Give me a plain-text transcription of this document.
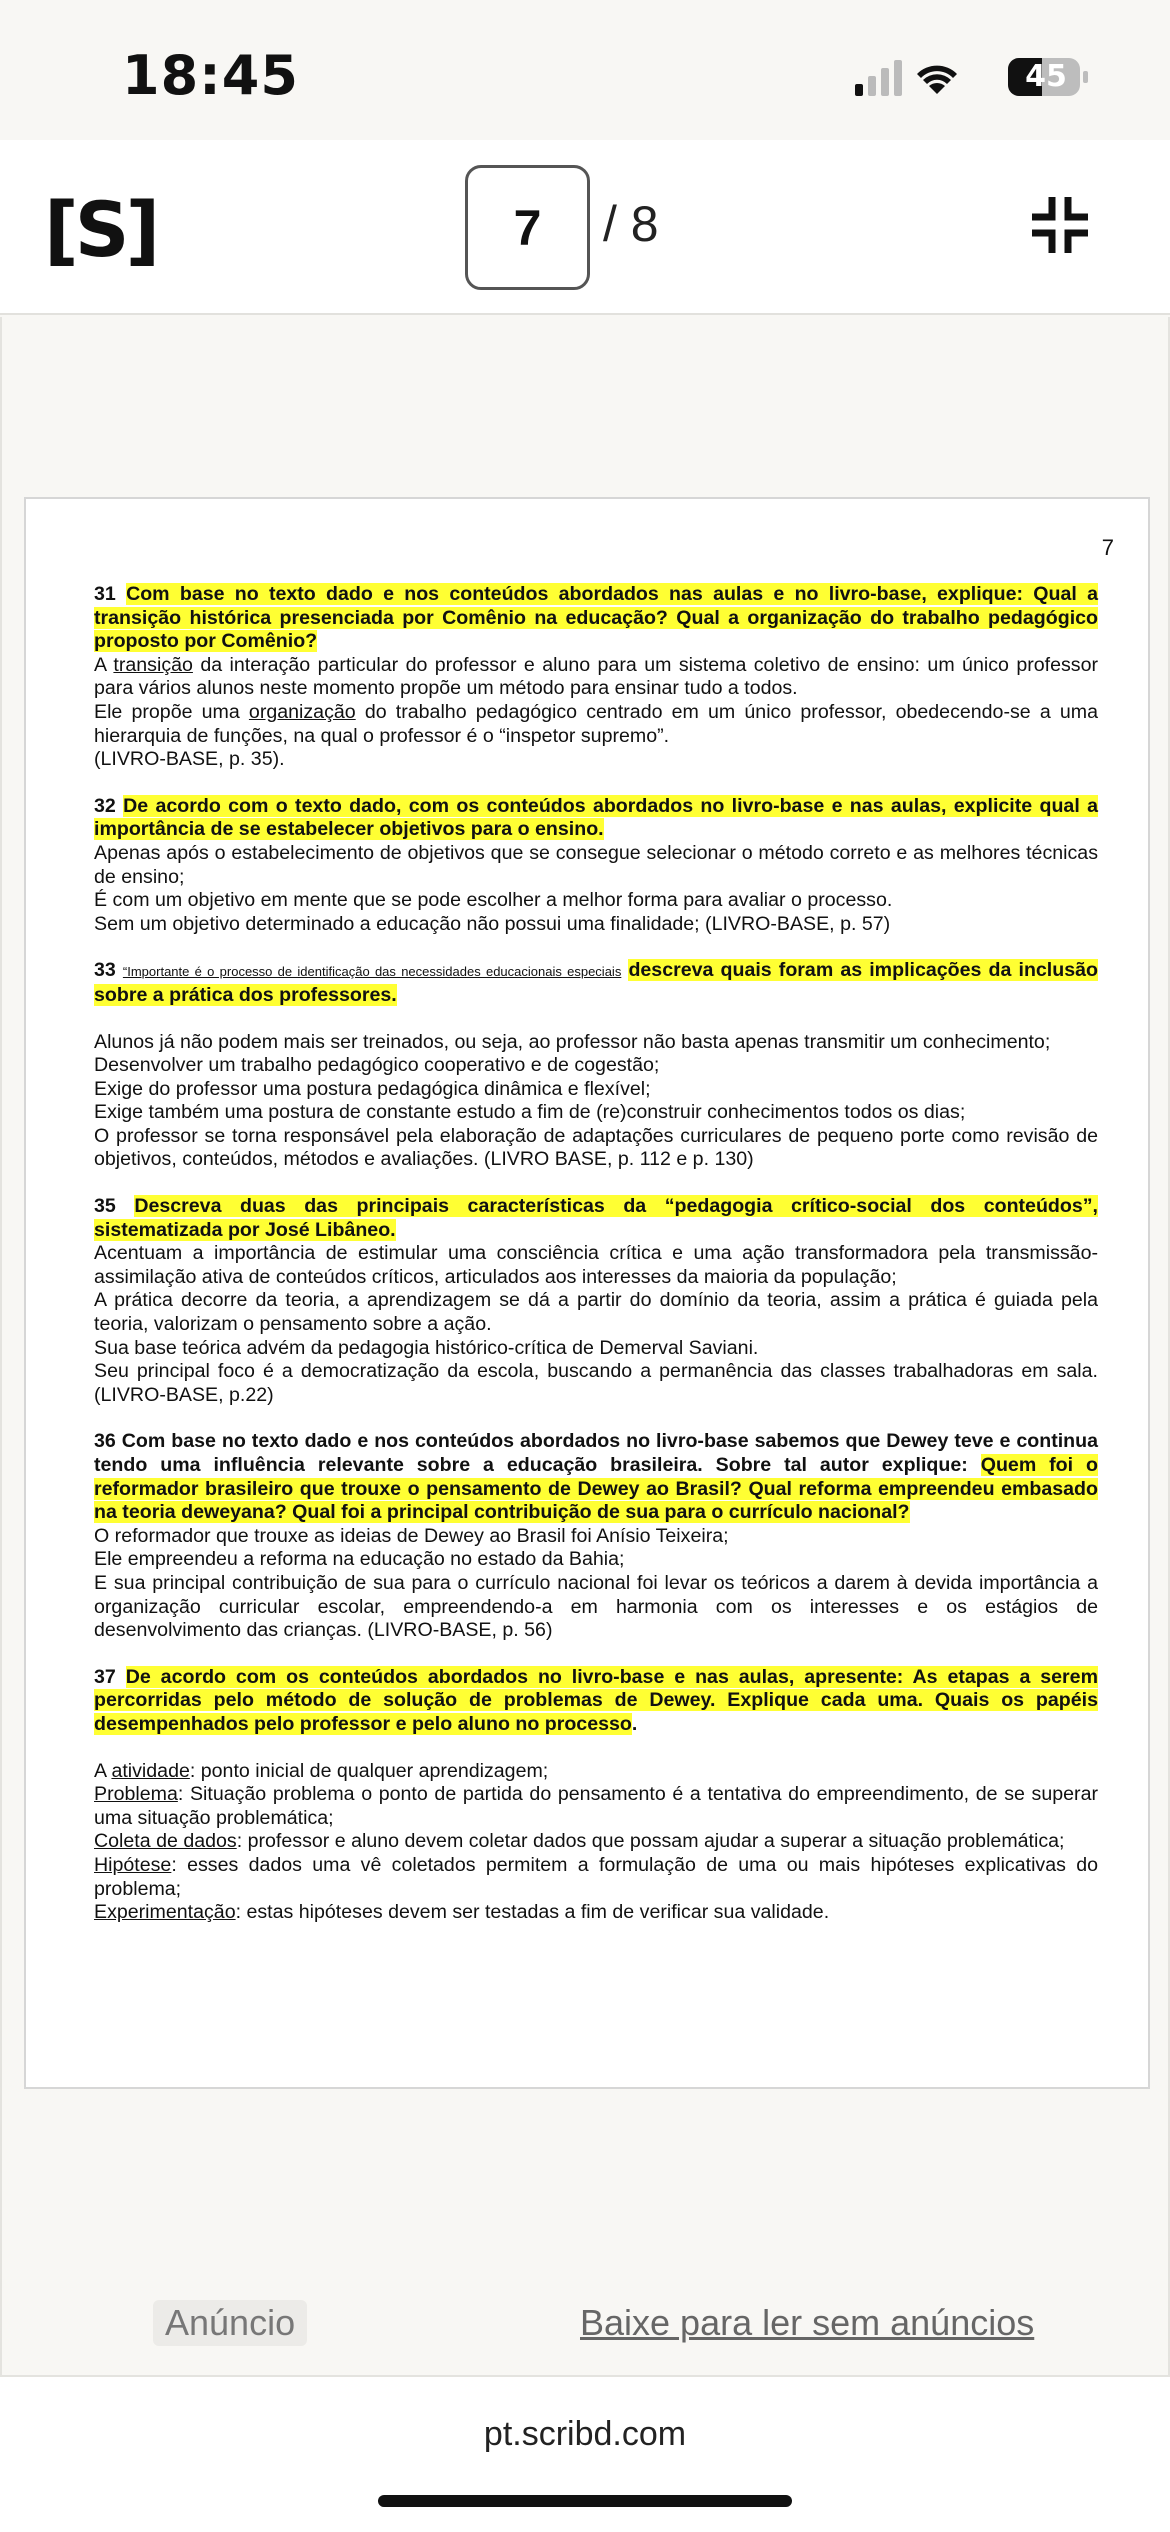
18:45	45
[S]	7	/ 8
7

31 Com base no texto dado e nos conteúdos abordados nas aulas e no livro-base, explique: Qual a transição histórica presenciada por Comênio na educação? Qual a organização do trabalho pedagógico proposto por Comênio?

A transição da interação particular do professor e aluno para um sistema coletivo de ensino: um único professor para vários alunos neste momento propõe um método para ensinar tudo a todos.

Ele propõe uma organização do trabalho pedagógico centrado em um único professor, obedecendo-se a uma hierarquia de funções, na qual o professor é o “inspetor supremo”.

(LIVRO-BASE, p. 35).

32 De acordo com o texto dado, com os conteúdos abordados no livro-base e nas aulas, explicite qual a importância de se estabelecer objetivos para o ensino.

Apenas após o estabelecimento de objetivos que se consegue selecionar o método correto e as melhores técnicas de ensino;

É com um objetivo em mente que se pode escolher a melhor forma para avaliar o processo.

Sem um objetivo determinado a educação não possui uma finalidade; (LIVRO-BASE, p. 57)

33 “Importante é o processo de identificação das necessidades educacionais especiais descreva quais foram as implicações da inclusão sobre a prática dos professores.

Alunos já não podem mais ser treinados, ou seja, ao professor não basta apenas transmitir um conhecimento;

Desenvolver um trabalho pedagógico cooperativo e de cogestão;

Exige do professor uma postura pedagógica dinâmica e flexível;

Exige também uma postura de constante estudo a fim de (re)construir conhecimentos todos os dias;

O professor se torna responsável pela elaboração de adaptações curriculares de pequeno porte como revisão de objetivos, conteúdos, métodos e avaliações. (LIVRO BASE, p. 112 e p. 130)

35 Descreva duas das principais características da “pedagogia crítico-social dos conteúdos”, sistematizada por José Libâneo.

Acentuam a importância de estimular uma consciência crítica e uma ação transformadora pela transmissão-assimilação ativa de conteúdos críticos, articulados aos interesses da maioria da população;

A prática decorre da teoria, a aprendizagem se dá a partir do domínio da teoria, assim a prática é guiada pela teoria, valorizam o pensamento sobre a ação.

Sua base teórica advém da pedagogia histórico-crítica de Demerval Saviani.

Seu principal foco é a democratização da escola, buscando a permanência das classes trabalhadoras em sala. (LIVRO-BASE, p.22)

36 Com base no texto dado e nos conteúdos abordados no livro-base sabemos que Dewey teve e continua tendo uma influência relevante sobre a educação brasileira. Sobre tal autor explique: Quem foi o reformador brasileiro que trouxe o pensamento de Dewey ao Brasil? Qual reforma empreendeu embasado na teoria deweyana? Qual foi a principal contribuição de sua para o currículo nacional?

O reformador que trouxe as ideias de Dewey ao Brasil foi Anísio Teixeira;

Ele empreendeu a reforma na educação no estado da Bahia;

E sua principal contribuição de sua para o currículo nacional foi levar os teóricos a darem à devida importância a organização curricular escolar, empreendendo-a em harmonia com os interesses e os estágios de desenvolvimento das crianças. (LIVRO-BASE, p. 56)

37 De acordo com os conteúdos abordados no livro-base e nas aulas, apresente: As etapas a serem percorridas pelo método de solução de problemas de Dewey. Explique cada uma. Quais os papéis desempenhados pelo professor e pelo aluno no processo.

A atividade: ponto inicial de qualquer aprendizagem;

Problema: Situação problema o ponto de partida do pensamento é a tentativa do empreendimento, de se superar uma situação problemática;

Coleta de dados: professor e aluno devem coletar dados que possam ajudar a superar a situação problemática;

Hipótese: esses dados uma vê coletados permitem a formulação de uma ou mais hipóteses explicativas do problema;

Experimentação: estas hipóteses devem ser testadas a fim de verificar sua validade.

Anúncio	Baixe para ler sem anúncios
pt.scribd.com
